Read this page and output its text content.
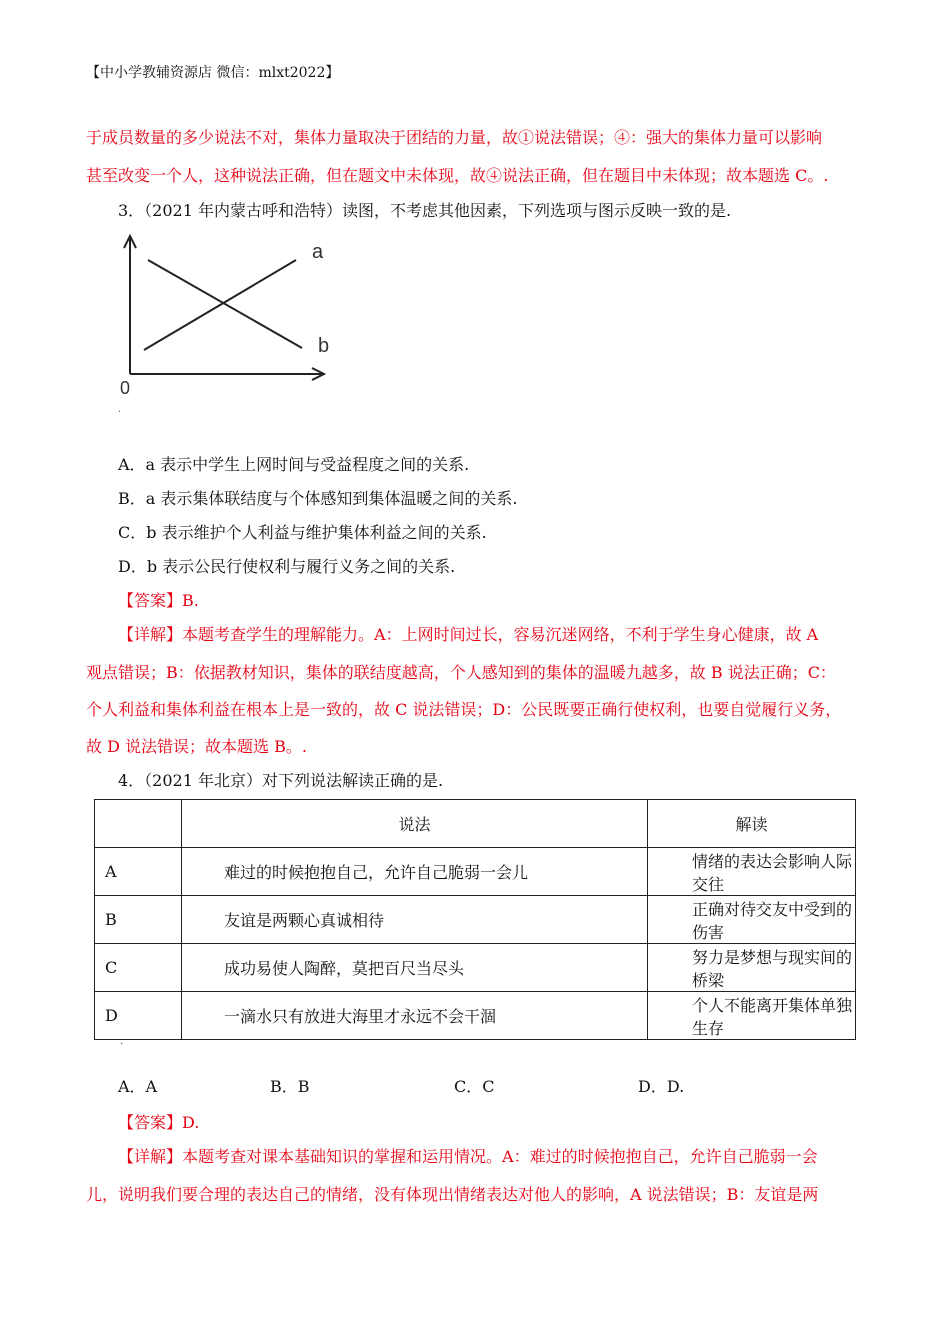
【中小学教辅资源店 微信：mlxt2022】
于成员数量的多少说法不对，集体力量取决于团结的力量，故①说法错误；④：强大的集体力量可以影响
甚至改变一个人，这种说法正确，但在题文中未体现，故④说法正确，但在题目中未体现；故本题选 C。.
3．（2021 年内蒙古呼和浩特）读图，不考虑其他因素，下列选项与图示反映一致的是.
a
b
0
.
A．a 表示中学生上网时间与受益程度之间的关系.
B．a 表示集体联结度与个体感知到集体温暖之间的关系.
C．b 表示维护个人利益与维护集体利益之间的关系.
D．b 表示公民行使权利与履行义务之间的关系.
【答案】B.
【详解】本题考查学生的理解能力。A：上网时间过长，容易沉迷网络，不利于学生身心健康，故 A
观点错误；B：依据教材知识，集体的联结度越高，个人感知到的集体的温暖九越多，故 B 说法正确；C：
个人利益和集体利益在根本上是一致的，故 C 说法错误；D：公民既要正确行使权利，也要自觉履行义务，
故 D 说法错误；故本题选 B。.
4．（2021 年北京）对下列说法解读正确的是.
	说法	解读
A	难过的时候抱抱自己，允许自己脆弱一会儿	情绪的表达会影响人际交往
B	友谊是两颗心真诚相待	正确对待交友中受到的伤害
C	成功易使人陶醉，莫把百尺当尽头	努力是梦想与现实间的桥梁
D	一滴水只有放进大海里才永远不会干涸	个人不能离开集体单独生存
.
A．A	B．B	C．C	D．D.
【答案】D.
【详解】本题考查对课本基础知识的掌握和运用情况。A：难过的时候抱抱自己，允许自己脆弱一会
儿，说明我们要合理的表达自己的情绪，没有体现出情绪表达对他人的影响，A 说法错误；B：友谊是两
